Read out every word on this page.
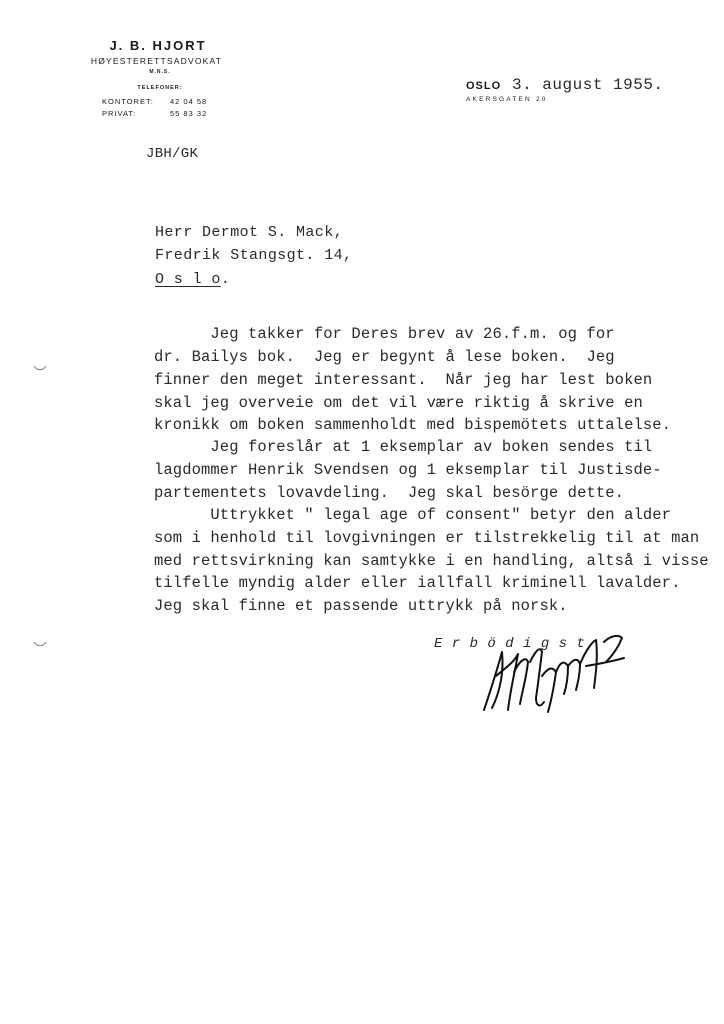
J. B. HJORT
HØYESTERETTSADVOKAT
M.N.S.
TELEFONER:
KONTORET: 42 04 58
PRIVAT:	55 83 32
OSLO 3. august 1955.
AKERSGATEN 20
JBH/GK
Herr Dermot S. Mack,
Fredrik Stangsgt. 14,
O s l o.
Jeg takker for Deres brev av 26.f.m. og for
dr. Bailys bok.  Jeg er begynt å lese boken.  Jeg
finner den meget interessant.  Når jeg har lest boken
skal jeg overveie om det vil være riktig å skrive en
kronikk om boken sammenholdt med bispemötets uttalelse.
Jeg foreslår at 1 eksemplar av boken sendes til
lagdommer Henrik Svendsen og 1 eksemplar til Justisde-
partementets lovavdeling.  Jeg skal besörge dette.
Uttrykket " legal age of consent" betyr den alder
som i henhold til lovgivningen er tilstrekkelig til at man
med rettsvirkning kan samtykke i en handling, altså i visse
tilfelle myndig alder eller iallfall kriminell lavalder.
Jeg skal finne et passende uttrykk på norsk.
E r b ö d i g s t
